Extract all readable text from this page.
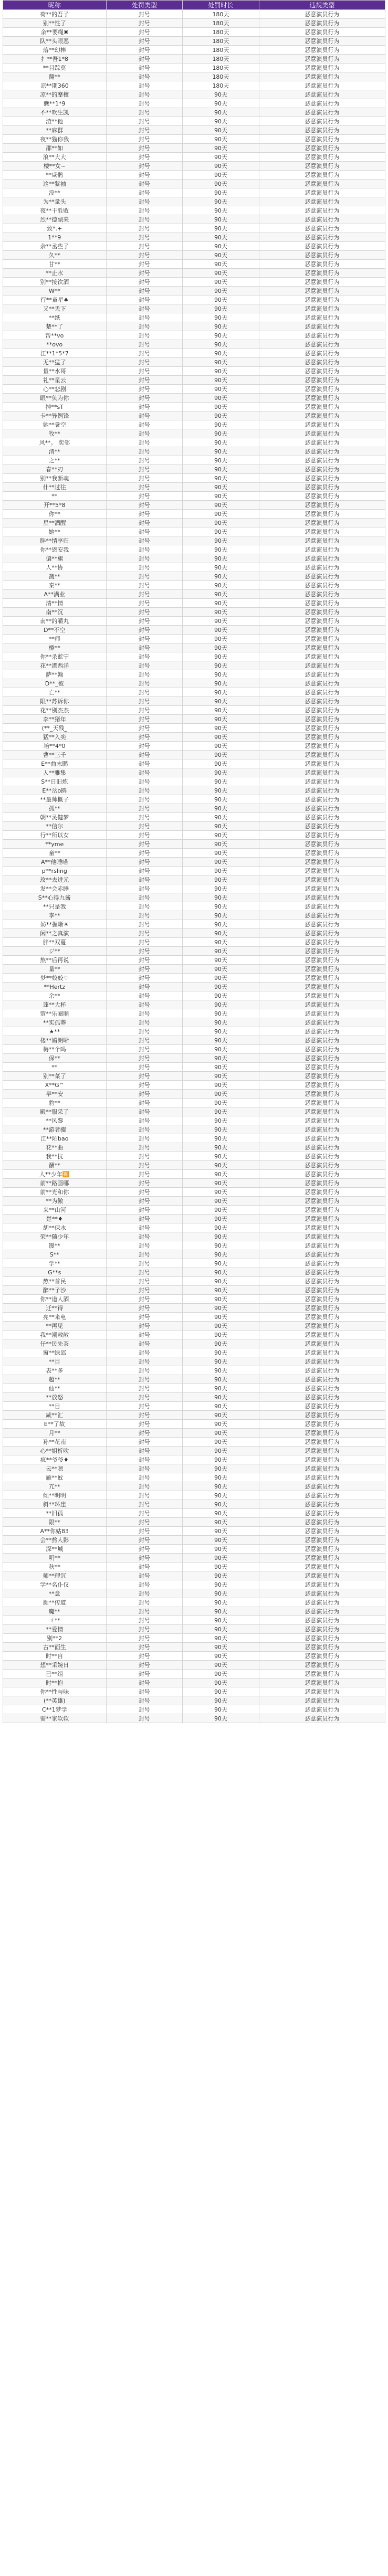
昵称	处罚类型	处罚时长	违规类型
荷**的吾子	封号	180天	恶意演员行为
别**性了	封号	180天	恶意演员行为
余**要绳✖	封号	180天	恶意演员行为
队**头眼恶	封号	180天	恶意演员行为
落**幻棒	封号	180天	恶意演员行为
扌**吾1*8	封号	180天	恶意演员行为
**目踪莫	封号	180天	恶意演员行为
翻**	封号	180天	恶意演员行为
凉**期360	封号	180天	恶意演员行为
凉**的摩檀	封号	90天	恶意演员行为
瞧**1*9	封号	90天	恶意演员行为
不**吹生凯	封号	90天	恶意演员行为
渣**他	封号	90天	恶意演员行为
**麻群	封号	90天	恶意演员行为
夜**猫你我	封号	90天	恶意演员行为
邵**如	封号	90天	恶意演员行为
浪**大大	封号	90天	恶意演员行为
楼**女~	封号	90天	恶意演员行为
**咸鹘	封号	90天	恶意演员行为
这**紫袖	封号	90天	恶意演员行为
没**	封号	90天	恶意演员行为
为**量头	封号	90天	恶意演员行为
夜**干胜败	封号	90天	恶意演员行为
烈**德副来	封号	90天	恶意演员行为
致*.+	封号	90天	恶意演员行为
1**9	封号	90天	恶意演员行为
余**丞些了	封号	90天	恶意演员行为
久**	封号	90天	恶意演员行为
甘**	封号	90天	恶意演员行为
**止水	封号	90天	恶意演员行为
别**接饮酒	封号	90天	恶意演员行为
W**	封号	90天	恶意演员行为
行**童星♠	封号	90天	恶意演员行为
又**丢下	封号	90天	恶意演员行为
**纸	封号	90天	恶意演员行为
楚**了	封号	90天	恶意演员行为
帮**vo	封号	90天	恶意演员行为
**ovo	封号	90天	恶意演员行为
江**1*5*7	封号	90天	恶意演员行为
无**猛了	封号	90天	恶意演员行为
量**水哥	封号	90天	恶意演员行为
礼**星云	封号	90天	恶意演员行为
心**悲剧	封号	90天	恶意演员行为
眼**负为你	封号	90天	恶意演员行为
掉**sT	封号	90天	恶意演员行为
卡**异例锋	封号	90天	恶意演员行为
她**暑空	封号	90天	恶意演员行为
牧**	封号	90天	恶意演员行为
风**。 奕邻	封号	90天	恶意演员行为
清**	封号	90天	恶意演员行为
之**	封号	90天	恶意演员行为
春**刃	封号	90天	恶意演员行为
别**我断魂	封号	90天	恶意演员行为
什**过往	封号	90天	恶意演员行为
**	封号	90天	恶意演员行为
开**5*8	封号	90天	恶意演员行为
你**	封号	90天	恶意演员行为
星**酒醒	封号	90天	恶意演员行为
她**	封号	90天	恶意演员行为
胖**情享归	封号	90天	恶意演员行为
你**恩安我	封号	90天	恶意演员行为
偏**旗	封号	90天	恶意演员行为
人**协	封号	90天	恶意演员行为
蔬**	封号	90天	恶意演员行为
秦**	封号	90天	恶意演员行为
A**满业	封号	90天	恶意演员行为
清**情	封号	90天	恶意演员行为
南**沉	封号	90天	恶意演员行为
南**的嚼丸	封号	90天	恶意演员行为
D**不空	封号	90天	恶意演员行为
**师	封号	90天	恶意演员行为
樽**	封号	90天	恶意演员行为
你**杀蓝宁	封号	90天	恶意演员行为
花**港西洋	封号	90天	恶意演员行为
萨**翰	封号	90天	恶意演员行为
D**_彼	封号	90天	恶意演员行为
亡**	封号	90天	恶意演员行为
限**苏诉你	封号	90天	恶意演员行为
花**别杰杰	封号	90天	恶意演员行为
李**猪年	封号	90天	恶意演员行为
(**_天残_	封号	90天	恶意演员行为
猛**入奕	封号	90天	恶意演员行为
培**4*0	封号	90天	恶意演员行为
曹**三千	封号	90天	恶意演员行为
E**曲末鹏	封号	90天	恶意演员行为
人**雅集	封号	90天	恶意演员行为
S**日旧炼	封号	90天	恶意演员行为
E**岔o鸥	封号	90天	恶意演员行为
**最帅概子	封号	90天	恶意演员行为
孤**	封号	90天	恶意演员行为
朝**灵健梦	封号	90天	恶意演员行为
**信尔	封号	90天	恶意演员行为
行**所以女	封号	90天	恶意演员行为
**yme	封号	90天	恶意演员行为
童**	封号	90天	恶意演员行为
A**他睡喵	封号	90天	恶意演员行为
p**rsling	封号	90天	恶意演员行为
玫**去进元	封号	90天	恶意演员行为
发**会赤睡	封号	90天	恶意演员行为
S**心得九酱	封号	90天	恶意演员行为
**只是我	封号	90天	恶意演员行为
李**	封号	90天	恶意演员行为
妨**握晰☀	封号	90天	恶意演员行为
闲**之真演	封号	90天	恶意演员行为
胖**双蔓	封号	90天	恶意演员行为
ジ**	封号	90天	恶意演员行为
熬**后再说	封号	90天	恶意演员行为
量**	封号	90天	恶意演员行为
梦**姣姣♡	封号	90天	恶意演员行为
**Hertz	封号	90天	恶意演员行为
余**	封号	90天	恶意演员行为
蓬**大杯	封号	90天	恶意演员行为
萤**乐圈顺	封号	90天	恶意演员行为
**实孤葬	封号	90天	恶意演员行为
★**	封号	90天	恶意演员行为
楼**媚朗晰	封号	90天	恶意演员行为
梅**个吗	封号	90天	恶意演员行为
保**	封号	90天	恶意演员行为
**	封号	90天	恶意演员行为
别**菜了	封号	90天	恶意演员行为
X**G^	封号	90天	恶意演员行为
早**安	封号	90天	恶意演员行为
豹**	封号	90天	恶意演员行为
殿**服采了	封号	90天	恶意演员行为
**风黎	封号	90天	恶意演员行为
**游者骤	封号	90天	恶意演员行为
江**陌bao	封号	90天	恶意演员行为
花**曲	封号	90天	恶意演员行为
我**抗	封号	90天	恶意演员行为
酬**	封号	90天	恶意演员行为
人**少年🈶	封号	90天	恶意演员行为
前**路画哪	封号	90天	恶意演员行为
前**光和你	封号	90天	恶意演员行为
**为傲	封号	90天	恶意演员行为
来**山河	封号	90天	恶意演员行为
楚**♦	封号	90天	恶意演员行为
胡**保水	封号	90天	恶意演员行为
荣**随少年	封号	90天	恶意演员行为
馒**	封号	90天	恶意演员行为
S**	封号	90天	恶意演员行为
学**	封号	90天	恶意演员行为
G**s	封号	90天	恶意演员行为
熬**首民	封号	90天	恶意演员行为
醉**子沙	封号	90天	恶意演员行为
你**道人酒	封号	90天	恶意演员行为
迁**得	封号	90天	恶意演员行为
亮**来电	封号	90天	恶意演员行为
**再见	封号	90天	恶意演员行为
我**潮敞敞	封号	90天	恶意演员行为
仔**民先茶	封号	90天	恶意演员行为
窗**绿邱	封号	90天	恶意演员行为
**目	封号	90天	恶意演员行为
表**多	封号	90天	恶意演员行为
超**	封号	90天	恶意演员行为
仙**	封号	90天	恶意演员行为
**放怒	封号	90天	恶意演员行为
**目	封号	90天	恶意演员行为
咸**汇	封号	90天	恶意演员行为
E**了故	封号	90天	恶意演员行为
月**	封号	90天	恶意演员行为
孙**花南	封号	90天	恶意演员行为
心**姐析吹	封号	90天	恶意演员行为
疯**爷爷♦	封号	90天	恶意演员行为
云**嗯	封号	90天	恶意演员行为
雁**蚊	封号	90天	恶意演员行为
亢**	封号	90天	恶意演员行为
倾**明明	封号	90天	恶意演员行为
斜**环崖	封号	90天	恶意演员行为
**旧孤	封号	90天	恶意演员行为
限**	封号	90天	恶意演员行为
A**你姑83	封号	90天	恶意演员行为
会**熬人影	封号	90天	恶意演员行为
深**城	封号	90天	恶意演员行为
明**	封号	90天	恶意演员行为
秋**	封号	90天	恶意演员行为
师**理沉	封号	90天	恶意演员行为
学**名仆仅	封号	90天	恶意演员行为
**意	封号	90天	恶意演员行为
颜**传道	封号	90天	恶意演员行为
魔**	封号	90天	恶意演员行为
ゞ**	封号	90天	恶意演员行为
**爱情	封号	90天	恶意演员行为
别**2	封号	90天	恶意演员行为
古**面生	封号	90天	恶意演员行为
时**自	封号	90天	恶意演员行为
想**采婉日	封号	90天	恶意演员行为
已**组	封号	90天	恶意演员行为
时**抱	封号	90天	恶意演员行为
你**性与味	封号	90天	恶意演员行为
(**英雄)	封号	90天	恶意演员行为
C**1梦学	封号	90天	恶意演员行为
需**家软软	封号	90天	恶意演员行为
